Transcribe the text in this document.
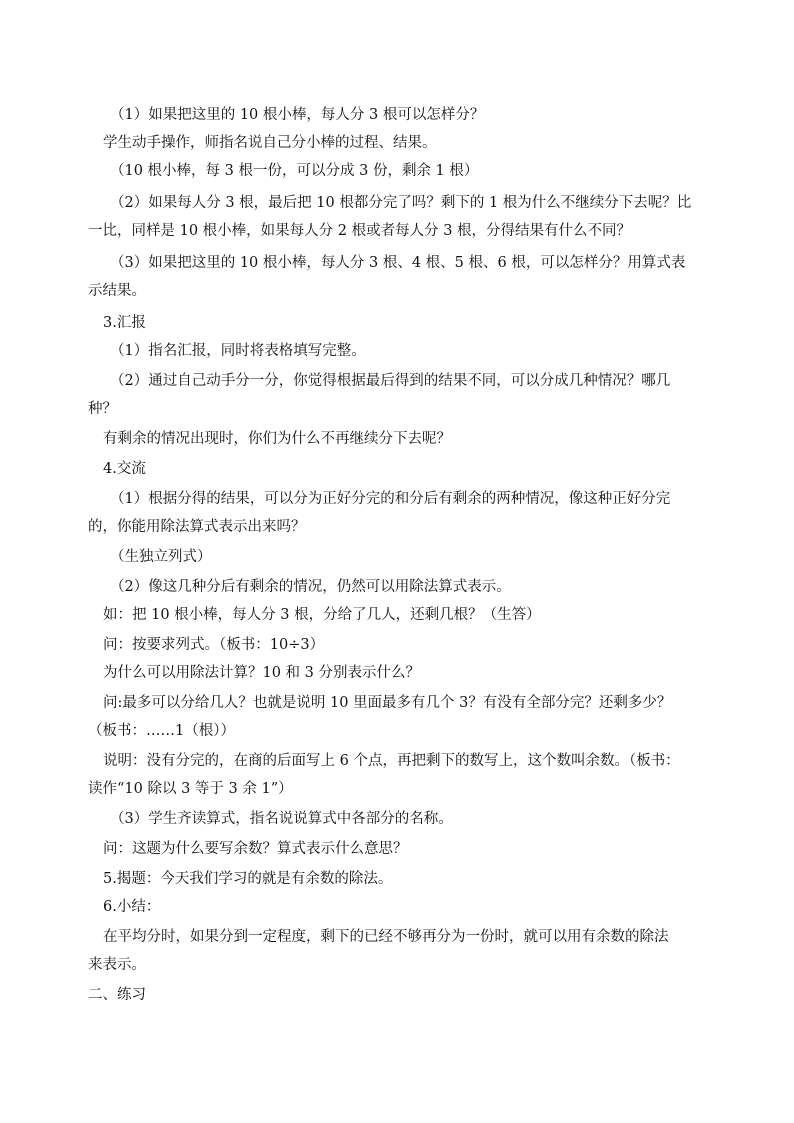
（1）如果把这里的 10 根小棒，每人分 3 根可以怎样分？

学生动手操作，师指名说自己分小棒的过程、结果。

（10 根小棒，每 3 根一份，可以分成 3 份，剩余 1 根）

（2）如果每人分 3 根，最后把 10 根都分完了吗？剩下的 1 根为什么不继续分下去呢？比

一比，同样是 10 根小棒，如果每人分 2 根或者每人分 3 根，分得结果有什么不同？

（3）如果把这里的 10 根小棒，每人分 3 根、4 根、5 根、6 根，可以怎样分？用算式表

示结果。

3.汇报

（1）指名汇报，同时将表格填写完整。

（2）通过自己动手分一分，你觉得根据最后得到的结果不同，可以分成几种情况？哪几

种？

有剩余的情况出现时，你们为什么不再继续分下去呢？

4.交流

（1）根据分得的结果，可以分为正好分完的和分后有剩余的两种情况，像这种正好分完

的，你能用除法算式表示出来吗？

（生独立列式）

（2）像这几种分后有剩余的情况，仍然可以用除法算式表示。

如：把 10 根小棒，每人分 3 根，分给了几人，还剩几根？（生答）

问：按要求列式。（板书：10÷3）

为什么可以用除法计算？10 和 3 分别表示什么？

问:最多可以分给几人？也就是说明 10 里面最多有几个 3？有没有全部分完？还剩多少？

（板书：……1（根））

说明：没有分完的，在商的后面写上 6 个点，再把剩下的数写上，这个数叫余数。（板书：

读作“10 除以 3 等于 3 余 1”）

（3）学生齐读算式，指名说说算式中各部分的名称。

问：这题为什么要写余数？算式表示什么意思？

5.揭题：今天我们学习的就是有余数的除法。

6.小结：

在平均分时，如果分到一定程度，剩下的已经不够再分为一份时，就可以用有余数的除法

来表示。

二、练习
